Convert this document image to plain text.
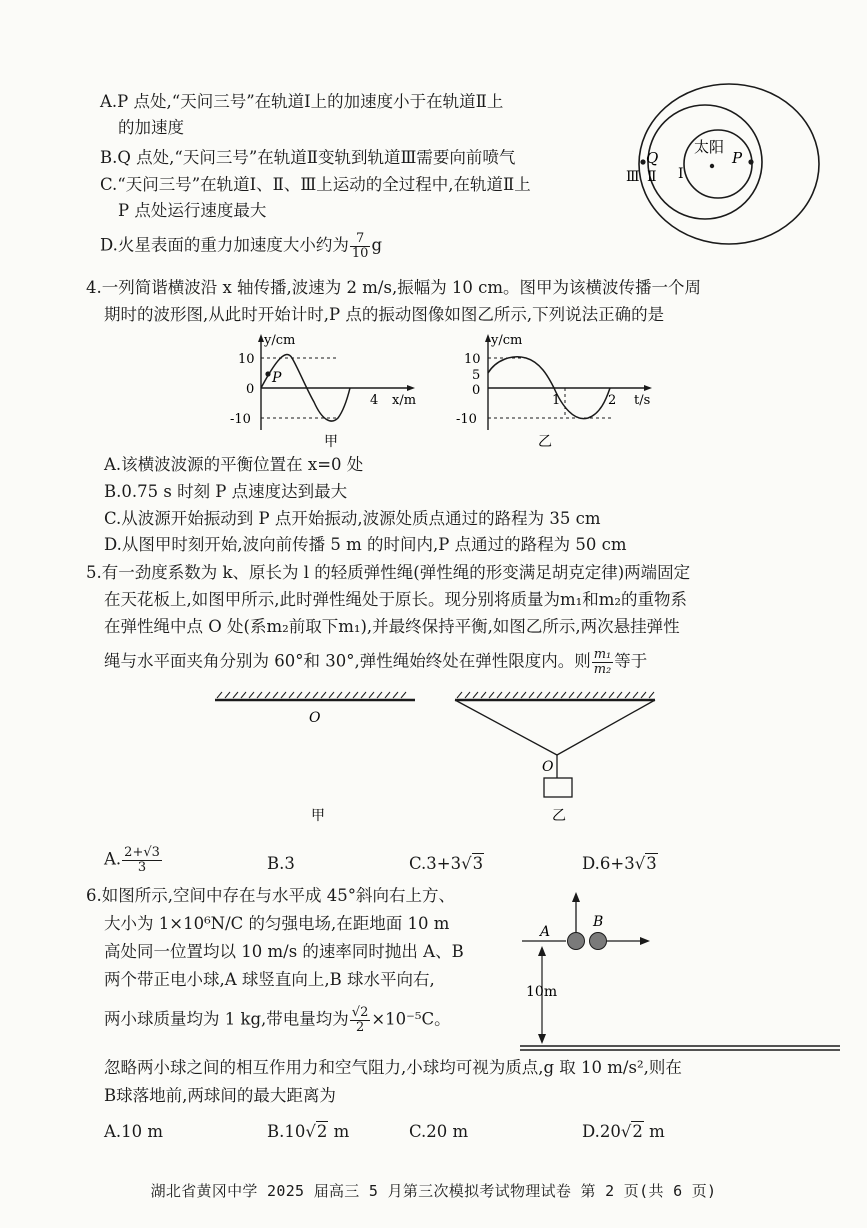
A.P 点处,“天问三号”在轨道Ⅰ上的加速度小于在轨道Ⅱ上
的加速度
B.Q 点处,“天问三号”在轨道Ⅱ变轨到轨道Ⅲ需要向前喷气
C.“天问三号”在轨道Ⅰ、Ⅱ、Ⅲ上运动的全过程中,在轨道Ⅱ上
P 点处运行速度最大
D.火星表面的重力加速度大小约为 $\frac{7}{10}$ g
太阳
Q	P
Ⅲ Ⅱ Ⅰ
4.一列简谐横波沿 x 轴传播,波速为 2 m/s,振幅为 10 cm。图甲为该横波传播一个周
期时的波形图,从此时开始计时,P 点的振动图像如图乙所示,下列说法正确的是
P
y/cm
x/m
10
0
-10
4
甲
y/cm
t/s
10
5
0
-10
1	2
乙
A.该横波波源的平衡位置在 x=0 处
B.0.75 s 时刻 P 点速度达到最大
C.从波源开始振动到 P 点开始振动,波源处质点通过的路程为 35 cm
D.从图甲时刻开始,波向前传播 5 m 的时间内,P 点通过的路程为 50 cm
5.有一劲度系数为 k、原长为 l 的轻质弹性绳(弹性绳的形变满足胡克定律)两端固定
在天花板上,如图甲所示,此时弹性绳处于原长。现分别将质量为m₁和m₂的重物系
在弹性绳中点 O 处(系m₂前取下m₁),并最终保持平衡,如图乙所示,两次悬挂弹性
绳与水平面夹角分别为 60°和 30°,弹性绳始终处在弹性限度内。则 $\frac{\text{m₁}}{\text{m₂}}$ 等于
O
甲
O
乙
A. $\frac{2+√3}{3}$	B.3	C.3+3√3	D.6+3√3
6.如图所示,空间中存在与水平成 45°斜向右上方、
大小为 1×10⁶N/C 的匀强电场,在距地面 10 m
高处同一位置均以 10 m/s 的速率同时抛出 A、B
两个带正电小球,A 球竖直向上,B 球水平向右,
两小球质量均为 1 kg,带电量均为 $\frac{√2}{2} \times 10^{-5}C$。
忽略两小球之间的相互作用力和空气阻力,小球均可视为质点,g 取 10 m/s²,则在
B球落地前,两球间的最大距离为
A
B
10m
A.10 m	B.10√2 m	C.20 m	D.20√2 m
湖北省黄冈中学 2025 届高三 5 月第三次模拟考试物理试卷 第 2 页(共 6 页)
